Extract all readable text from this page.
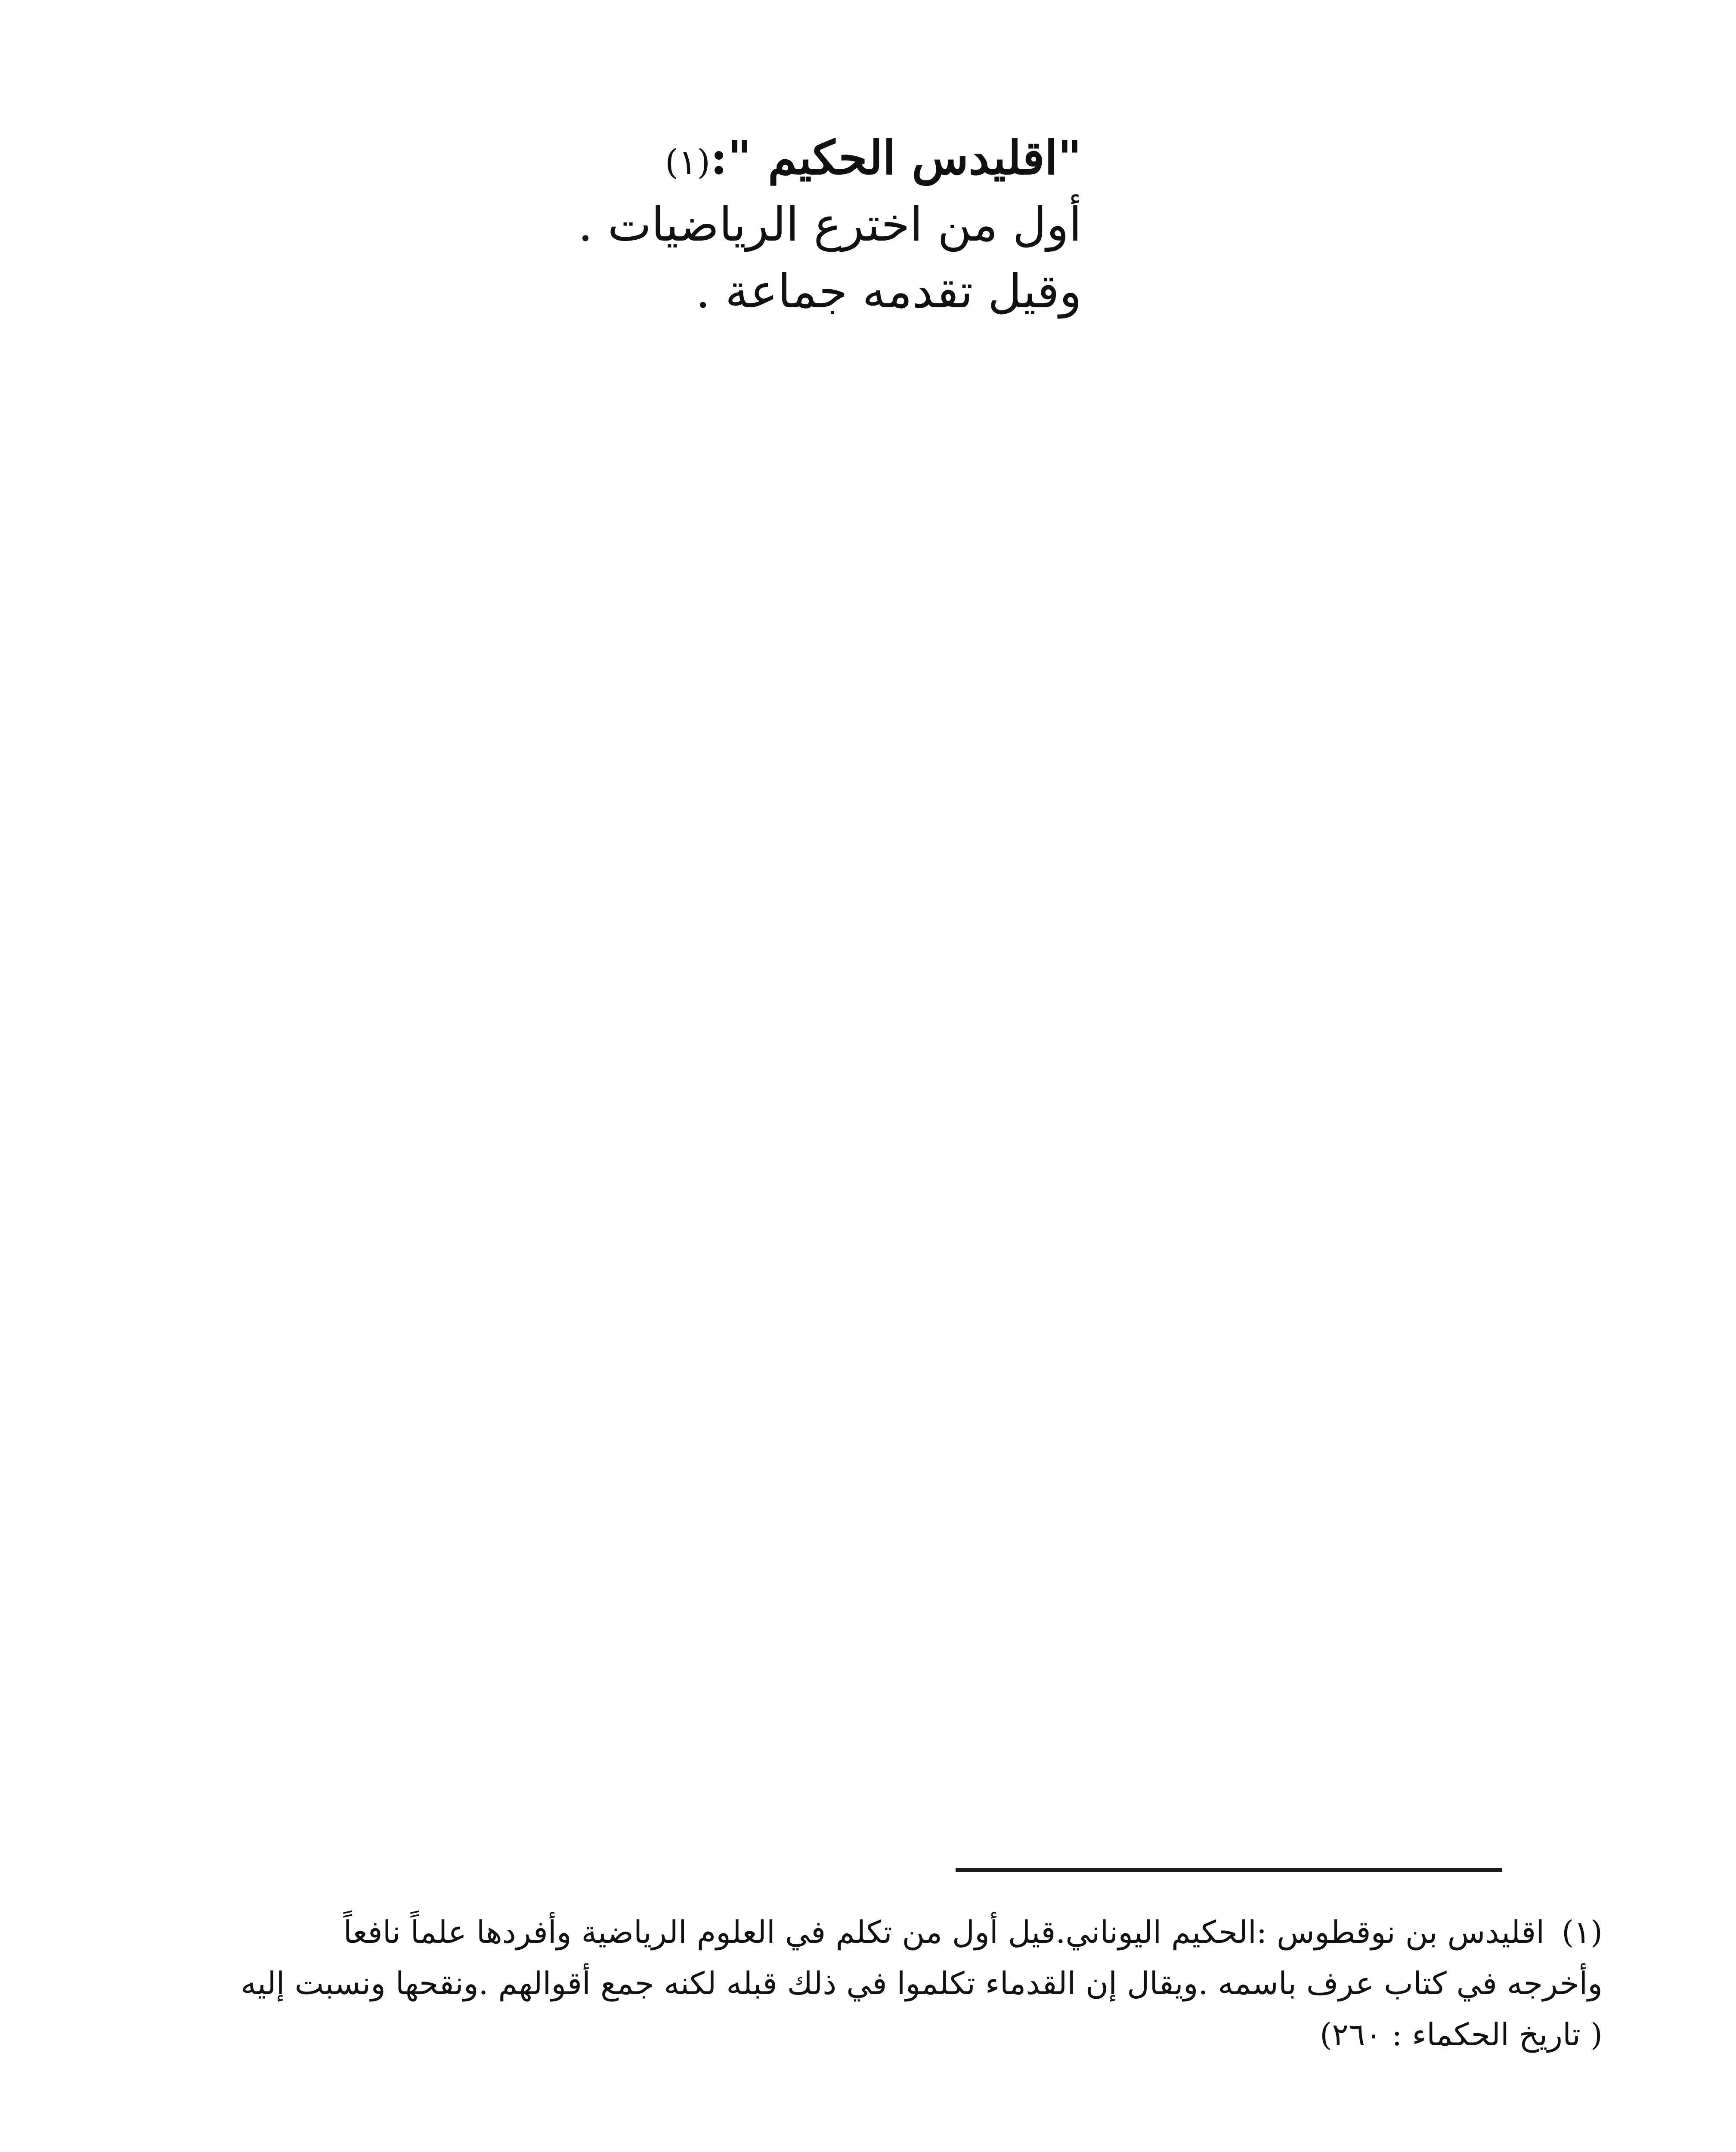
"اقليدس الحكيم ":(١)

أول من اخترع الرياضيات .

وقيل تقدمه جماعة .

(١)اقليدس بن نوقطوس :الحكيم اليوناني.قيل أول من تكلم في العلوم الرياضية وأفردها علماً نافعاً

وأخرجه في كتاب عرف باسمه .ويقال إن القدماء تكلموا في ذلك قبله لكنه جمع أقوالهم .ونقحها ونسبت إليه

( تاريخ الحكماء : ٢٦٠)
